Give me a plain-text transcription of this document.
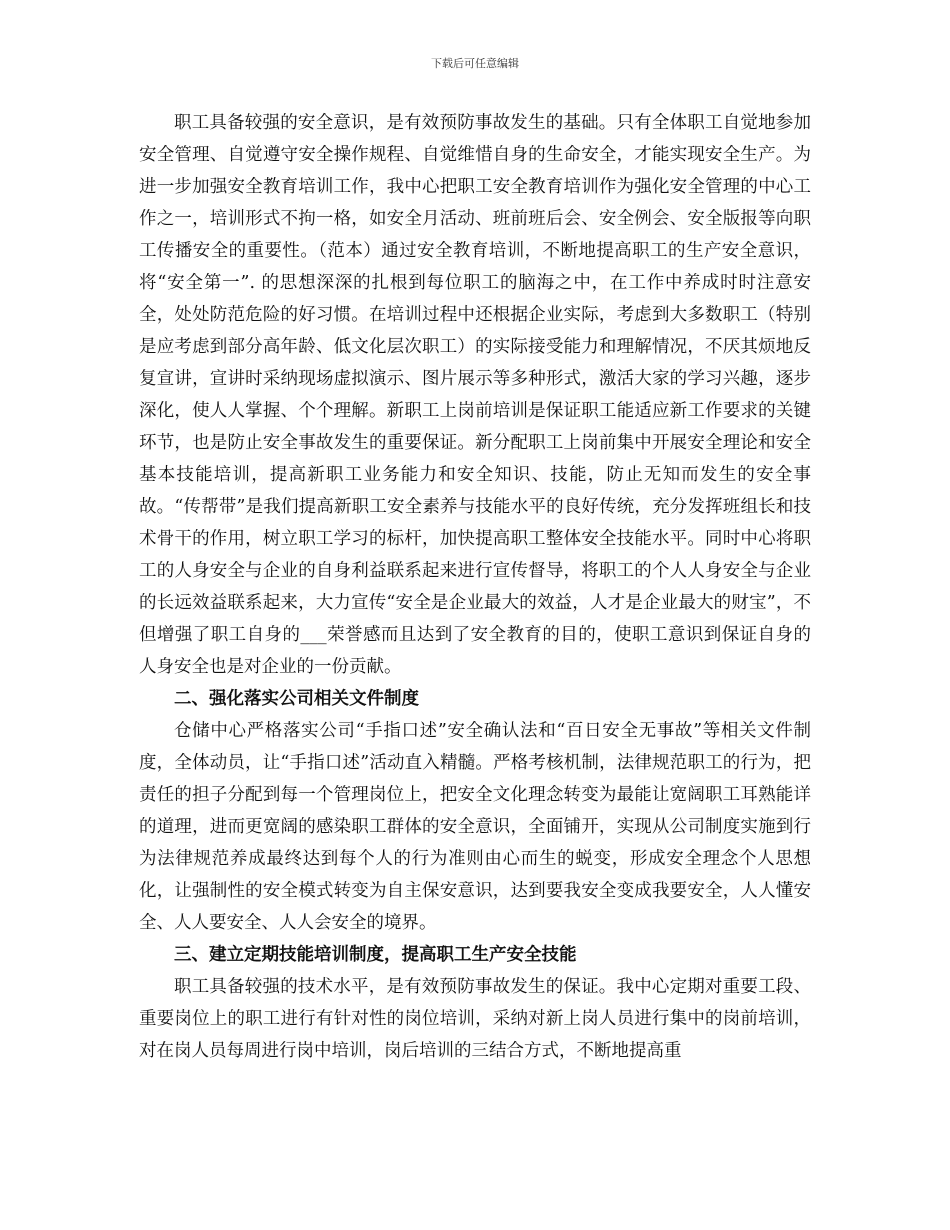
下载后可任意编辑

职工具备较强的安全意识，是有效预防事故发生的基础。只有全体职工自觉地参加安全管理、自觉遵守安全操作规程、自觉维惜自身的生命安全，才能实现安全生产。为进一步加强安全教育培训工作，我中心把职工安全教育培训作为强化安全管理的中心工作之一，培训形式不拘一格，如安全月活动、班前班后会、安全例会、安全版报等向职工传播安全的重要性。（范本）通过安全教育培训，不断地提高职工的生产安全意识，将“安全第一”. 的思想深深的扎根到每位职工的脑海之中，在工作中养成时时注意安全，处处防范危险的好习惯。在培训过程中还根据企业实际，考虑到大多数职工（特别是应考虑到部分高年龄、低文化层次职工）的实际接受能力和理解情况，不厌其烦地反复宣讲，宣讲时采纳现场虚拟演示、图片展示等多种形式，激活大家的学习兴趣，逐步深化，使人人掌握、个个理解。新职工上岗前培训是保证职工能适应新工作要求的关键环节，也是防止安全事故发生的重要保证。新分配职工上岗前集中开展安全理论和安全基本技能培训，提高新职工业务能力和安全知识、技能，防止无知而发生的安全事故。“传帮带”是我们提高新职工安全素养与技能水平的良好传统，充分发挥班组长和技术骨干的作用，树立职工学习的标杆，加快提高职工整体安全技能水平。同时中心将职工的人身安全与企业的自身利益联系起来进行宣传督导，将职工的个人人身安全与企业的长远效益联系起来，大力宣传“安全是企业最大的效益，人才是企业最大的财宝”，不但增强了职工自身的___荣誉感而且达到了安全教育的目的，使职工意识到保证自身的人身安全也是对企业的一份贡献。

二、强化落实公司相关文件制度

仓储中心严格落实公司“手指口述”安全确认法和“百日安全无事故”等相关文件制度，全体动员，让“手指口述”活动直入精髓。严格考核机制，法律规范职工的行为，把责任的担子分配到每一个管理岗位上，把安全文化理念转变为最能让宽阔职工耳熟能详的道理，进而更宽阔的感染职工群体的安全意识，全面铺开，实现从公司制度实施到行为法律规范养成最终达到每个人的行为准则由心而生的蜕变，形成安全理念个人思想化，让强制性的安全模式转变为自主保安意识，达到要我安全变成我要安全，人人懂安全、人人要安全、人人会安全的境界。

三、建立定期技能培训制度，提高职工生产安全技能

职工具备较强的技术水平，是有效预防事故发生的保证。我中心定期对重要工段、重要岗位上的职工进行有针对性的岗位培训，采纳对新上岗人员进行集中的岗前培训，对在岗人员每周进行岗中培训，岗后培训的三结合方式，不断地提高重
